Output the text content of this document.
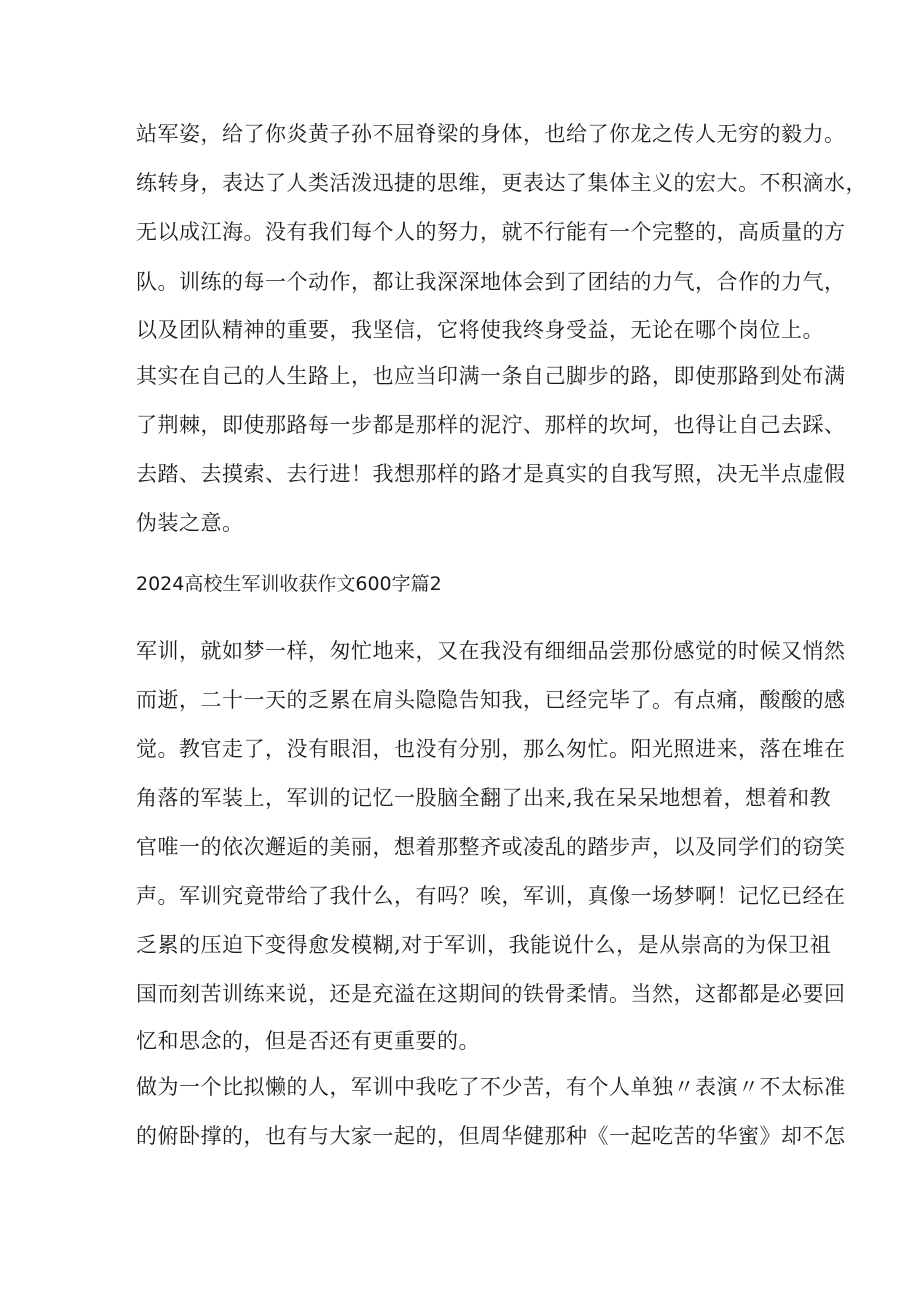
站军姿，给了你炎黄子孙不屈脊梁的身体，也给了你龙之传人无穷的毅力。
练转身，表达了人类活泼迅捷的思维，更表达了集体主义的宏大。不积滴水，
无以成江海。没有我们每个人的努力，就不行能有一个完整的，高质量的方
队。训练的每一个动作，都让我深深地体会到了团结的力气，合作的力气，
以及团队精神的重要，我坚信，它将使我终身受益，无论在哪个岗位上。
其实在自己的人生路上，也应当印满一条自己脚步的路，即使那路到处布满
了荆棘，即使那路每一步都是那样的泥泞、那样的坎坷，也得让自己去踩、
去踏、去摸索、去行进！我想那样的路才是真实的自我写照，决无半点虚假
伪装之意。
2024高校生军训收获作文600字篇2
军训，就如梦一样，匆忙地来，又在我没有细细品尝那份感觉的时候又悄然
而逝，二十一天的乏累在肩头隐隐告知我，已经完毕了。有点痛，酸酸的感
觉。教官走了，没有眼泪，也没有分别，那么匆忙。阳光照进来，落在堆在
角落的军装上，军训的记忆一股脑全翻了出来,我在呆呆地想着，想着和教
官唯一的依次邂逅的美丽，想着那整齐或凌乱的踏步声，以及同学们的窃笑
声。军训究竟带给了我什么，有吗？唉，军训，真像一场梦啊！记忆已经在
乏累的压迫下变得愈发模糊,对于军训，我能说什么，是从崇高的为保卫祖
国而刻苦训练来说，还是充溢在这期间的铁骨柔情。当然，这都都是必要回
忆和思念的，但是否还有更重要的。
做为一个比拟懒的人，军训中我吃了不少苦，有个人单独〃表演〃不太标准
的俯卧撑的，也有与大家一起的，但周华健那种《一起吃苦的华蜜》却不怎
